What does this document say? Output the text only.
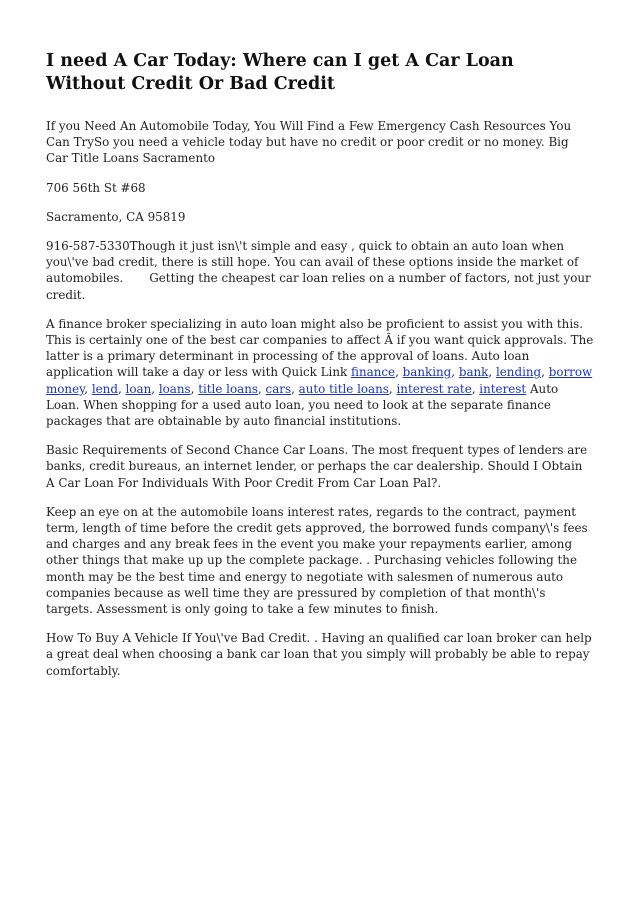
I need A Car Today: Where can I get A Car Loan Without Credit Or Bad Credit

If you Need An Automobile Today, You Will Find a Few Emergency Cash Resources You Can TrySo you need a vehicle today but have no credit or poor credit or no money. Big Car Title Loans Sacramento

706 56th St #68

Sacramento, CA 95819

916-587-5330Though it just isn\'t simple and easy , quick to obtain an auto loan when you\'ve bad credit, there is still hope. You can avail of these options inside the market of automobiles. Getting the cheapest car loan relies on a number of factors, not just your credit.

A finance broker specializing in auto loan might also be proficient to assist you with this. This is certainly one of the best car companies to affect Â if you want quick approvals. The latter is a primary determinant in processing of the approval of loans. Auto loan application will take a day or less with Quick Link finance, banking, bank, lending, borrow money, lend, loan, loans, title loans, cars, auto title loans, interest rate, interest Auto Loan. When shopping for a used auto loan, you need to look at the separate finance packages that are obtainable by auto financial institutions.

Basic Requirements of Second Chance Car Loans. The most frequent types of lenders are banks, credit bureaus, an internet lender, or perhaps the car dealership. Should I Obtain A Car Loan For Individuals With Poor Credit From Car Loan Pal?.

Keep an eye on at the automobile loans interest rates, regards to the contract, payment term, length of time before the credit gets approved, the borrowed funds company\'s fees and charges and any break fees in the event you make your repayments earlier, among other things that make up up the complete package. . Purchasing vehicles following the month may be the best time and energy to negotiate with salesmen of numerous auto companies because as well time they are pressured by completion of that month\'s targets. Assessment is only going to take a few minutes to finish.

How To Buy A Vehicle If You\'ve Bad Credit. . Having an qualified car loan broker can help a great deal when choosing a bank car loan that you simply will probably be able to repay comfortably.
